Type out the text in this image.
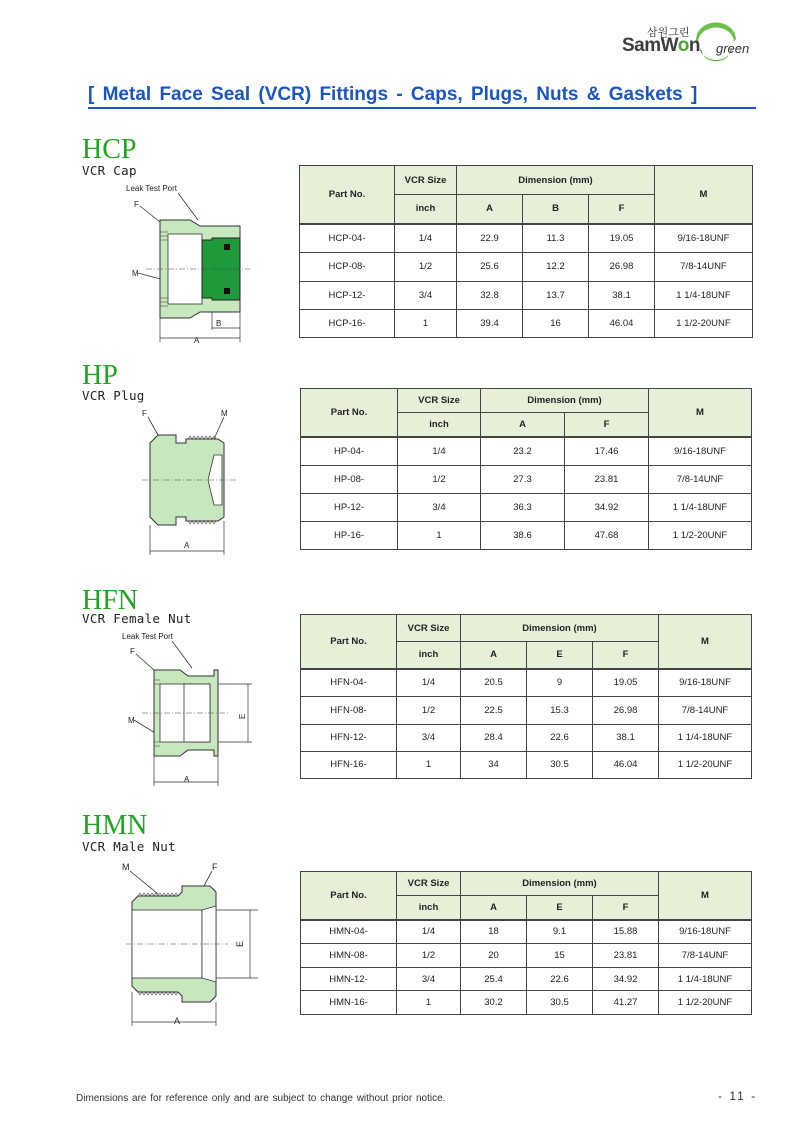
삼원그린
SamWon green
[ Metal Face Seal (VCR) Fittings - Caps, Plugs, Nuts & Gaskets ]
HCP
VCR Cap
Leak Test Port
F
M
B
A
Part No.	VCR Size	Dimension (mm)			M
	inch	A	B	F	
HCP-04-	1/4	22.9	11.3	19.05	9/16-18UNF
HCP-08-	1/2	25.6	12.2	26.98	7/8-14UNF
HCP-12-	3/4	32.8	13.7	38.1	1 1/4-18UNF
HCP-16-	1	39.4	16	46.04	1 1/2-20UNF
HP
VCR Plug
F	M
A
Part No.	VCR Size	Dimension (mm)		M
	inch	A	F	
HP-04-	1/4	23.2	17.46	9/16-18UNF
HP-08-	1/2	27.3	23.81	7/8-14UNF
HP-12-	3/4	36.3	34.92	1 1/4-18UNF
HP-16-	1	38.6	47.68	1 1/2-20UNF
HFN
VCR Female Nut
Leak Test Port
F
M	E
A
Part No.	VCR Size	Dimension (mm)			M
	inch	A	E	F	
HFN-04-	1/4	20.5	9	19.05	9/16-18UNF
HFN-08-	1/2	22.5	15.3	26.98	7/8-14UNF
HFN-12-	3/4	28.4	22.6	38.1	1 1/4-18UNF
HFN-16-	1	34	30.5	46.04	1 1/2-20UNF
HMN
VCR Male Nut
M	F
E
A
Part No.	VCR Size	Dimension (mm)			M
	inch	A	E	F	
HMN-04-	1/4	18	9.1	15.88	9/16-18UNF
HMN-08-	1/2	20	15	23.81	7/8-14UNF
HMN-12-	3/4	25.4	22.6	34.92	1 1/4-18UNF
HMN-16-	1	30.2	30.5	41.27	1 1/2-20UNF
Dimensions are for reference only and are subject to change without prior notice.	- 11 -
